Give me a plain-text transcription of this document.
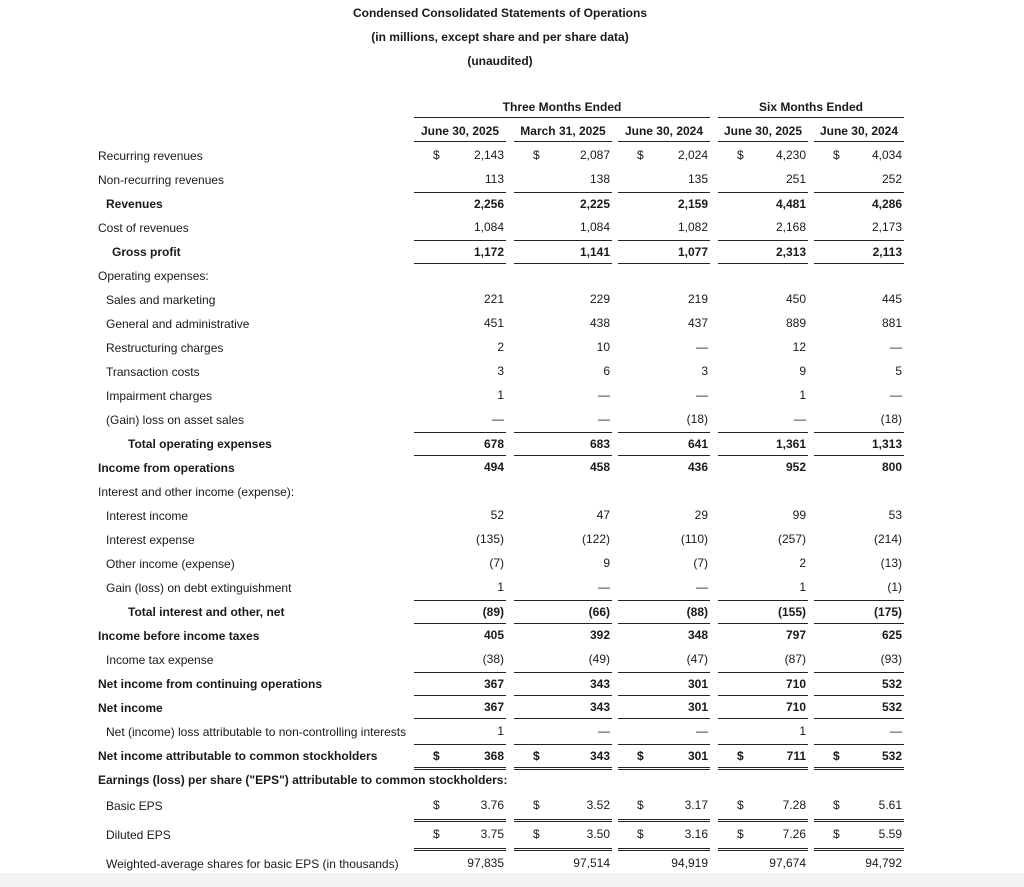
Condensed Consolidated Statements of Operations
(in millions, except share and per share data)
(unaudited)
Three Months Ended	Six Months Ended
June 30, 2025	March 31, 2025	June 30, 2024	June 30, 2025	June 30, 2024
Recurring revenues	$	2,143 $	2,087 $	2,024 $	4,230 $	4,034
Non-recurring revenues	113	138	135	251	252
Revenues	2,256	2,225	2,159	4,481	4,286
Cost of revenues	1,084	1,084	1,082	2,168	2,173
Gross profit	1,172	1,141	1,077	2,313	2,113
Operating expenses:
Sales and marketing	221	229	219	450	445
General and administrative	451	438	437	889	881
Restructuring charges	2	10	—	12	—
Transaction costs	3	6	3	9	5
Impairment charges	1	—	—	1	—
(Gain) loss on asset sales	—	—	(18)	—	(18)
Total operating expenses	678	683	641	1,361	1,313
Income from operations	494	458	436	952	800
Interest and other income (expense):
Interest income	52	47	29	99	53
Interest expense	(135)	(122)	(110)	(257)	(214)
Other income (expense)	(7)	9	(7)	2	(13)
Gain (loss) on debt extinguishment	1	—	—	1	(1)
Total interest and other, net	(89)	(66)	(88)	(155)	(175)
Income before income taxes	405	392	348	797	625
Income tax expense	(38)	(49)	(47)	(87)	(93)
Net income from continuing operations	367	343	301	710	532
Net income	367	343	301	710	532
Net (income) loss attributable to non-controlling interests	1	—	—	1	—
Net income attributable to common stockholders	$	368 $	343 $	301 $	711 $	532
Earnings (loss) per share ("EPS") attributable to common stockholders:
Basic EPS	$	3.76 $	3.52 $	3.17 $	7.28 $	5.61
Diluted EPS	$	3.75 $	3.50 $	3.16 $	7.26 $	5.59
Weighted-average shares for basic EPS (in thousands)	97,835	97,514	94,919	97,674	94,792
